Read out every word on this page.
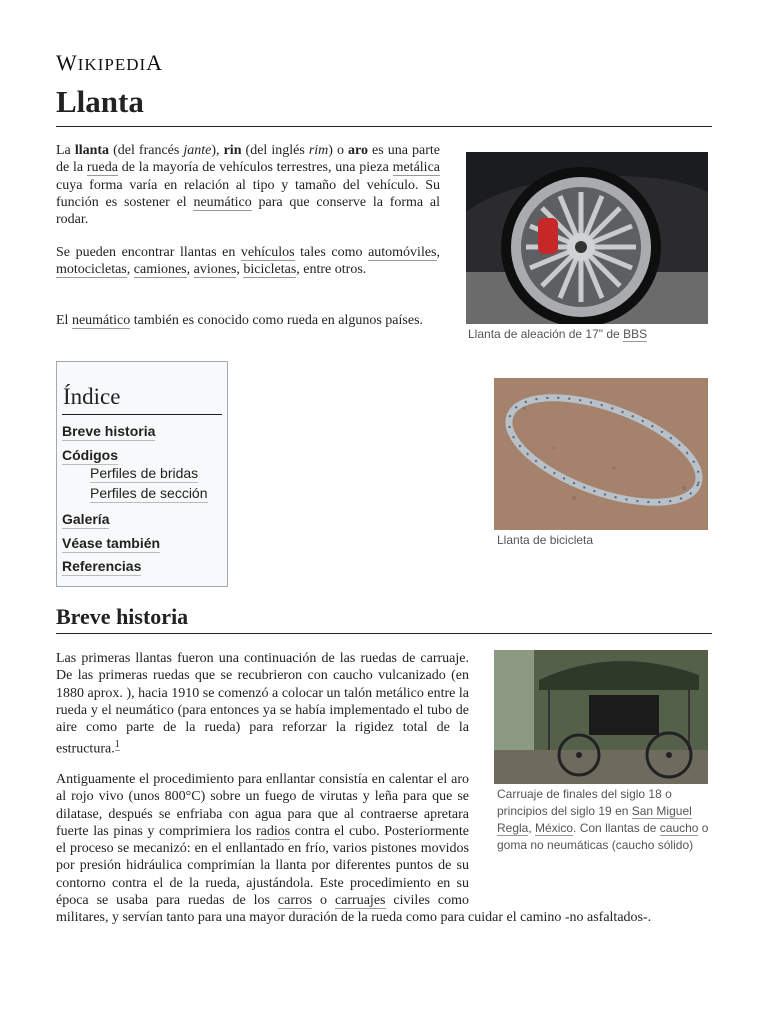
WIKIPEDIA
Llanta

La llanta (del francés jante), rin (del inglés rim) o aro es una parte de la rueda de la mayoría de vehículos terrestres, una pieza metálica cuya forma varía en relación al tipo y tamaño del vehículo. Su función es sostener el neumático para que conserve la forma al rodar.

Se pueden encontrar llantas en vehículos tales como automóviles, motocicletas, camiones, aviones, bicicletas, entre otros.

El neumático también es conocido como rueda en algunos países.

Llanta de aleación de 17" de BBS

Llanta de bicicleta

Índice
Breve historia
Códigos
Perfiles de bridas
Perfiles de sección
Galería
Véase también
Referencias
Breve historia

Carruaje de finales del siglo 18 o principios del siglo 19 en San Miguel Regla, México. Con llantas de caucho o goma no neumáticas (caucho sólido)

Las primeras llantas fueron una continuación de las ruedas de carruaje. De las primeras ruedas que se recubrieron con caucho vulcanizado (en 1880 aprox. ), hacia 1910 se comenzó a colocar un talón metálico entre la rueda y el neumático (para entonces ya se había implementado el tubo de aire como parte de la rueda) para reforzar la rigidez total de la estructura.$^1$

Antiguamente el procedimiento para enllantar consistía en calentar el aro al rojo vivo (unos 800°C) sobre un fuego de virutas y leña para que se dilatase, después se enfriaba con agua para que al contraerse apretara fuerte las pinas y comprimiera los radios contra el cubo. Posteriormente el proceso se mecanizó: en el enllantado en frío, varios pistones movidos por presión hidráulica comprimían la llanta por diferentes puntos de su contorno contra el de la rueda, ajustándola. Este procedimiento en su época se usaba para ruedas de los carros o carruajes civiles como militares, y servían tanto para una mayor duración de la rueda como para cuidar el camino -no asfaltados-.
